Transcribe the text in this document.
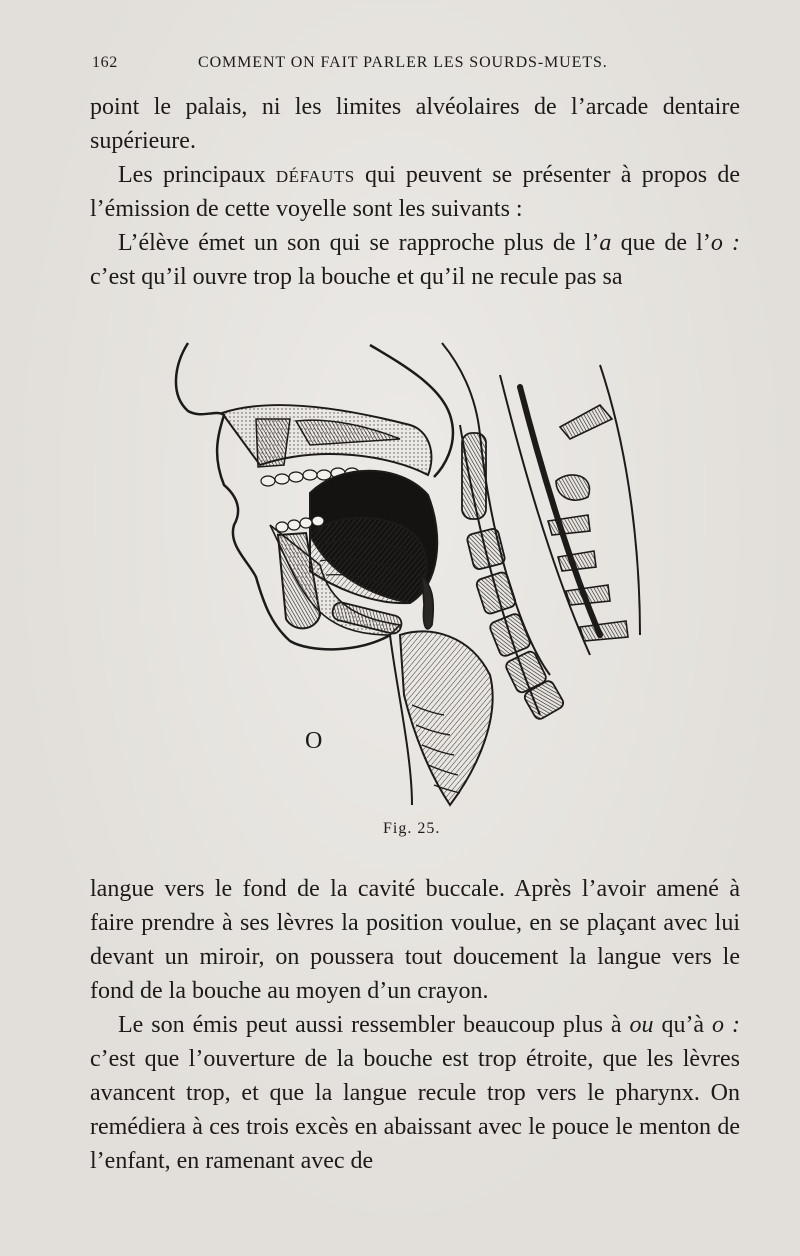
162	COMMENT ON FAIT PARLER LES SOURDS-MUETS.

point le palais, ni les limites alvéolaires de l’arcade dentaire supérieure.

Les principaux défauts qui peuvent se présenter à propos de l’émission de cette voyelle sont les suivants :

L’élève émet un son qui se rapproche plus de l’a que de l’o : c’est qu’il ouvre trop la bouche et qu’il ne recule pas sa

O
Fig. 25.

langue vers le fond de la cavité buccale. Après l’avoir amené à faire prendre à ses lèvres la position voulue, en se plaçant avec lui devant un miroir, on poussera tout doucement la langue vers le fond de la bouche au moyen d’un crayon.

Le son émis peut aussi ressembler beaucoup plus à ou qu’à o : c’est que l’ouverture de la bouche est trop étroite, que les lèvres avancent trop, et que la langue recule trop vers le pharynx. On remédiera à ces trois excès en abaissant avec le pouce le menton de l’enfant, en ramenant avec de
